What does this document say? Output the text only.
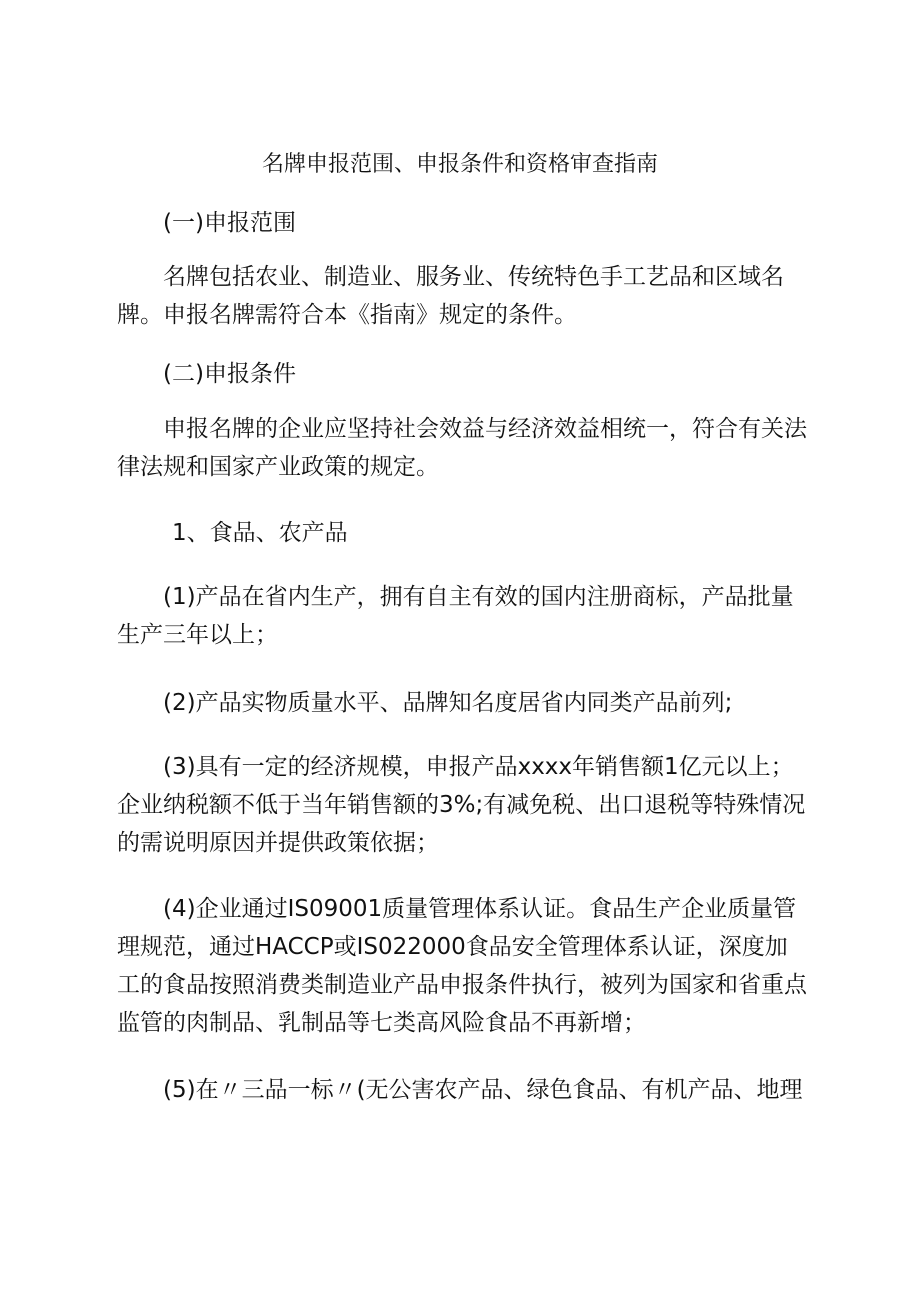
名牌申报范围、申报条件和资格审查指南
(一)申报范围
名牌包括农业、制造业、服务业、传统特色手工艺品和区域名牌。申报名牌需符合本《指南》规定的条件。
(二)申报条件
申报名牌的企业应坚持社会效益与经济效益相统一，符合有关法律法规和国家产业政策的规定。
1、食品、农产品
(1)产品在省内生产，拥有自主有效的国内注册商标，产品批量生产三年以上；
(2)产品实物质量水平、品牌知名度居省内同类产品前列;
(3)具有一定的经济规模，申报产品xxxx年销售额1亿元以上；企业纳税额不低于当年销售额的3%;有减免税、出口退税等特殊情况的需说明原因并提供政策依据；
(4)企业通过IS09001质量管理体系认证。食品生产企业质量管理规范，通过HACCP或IS022000食品安全管理体系认证，深度加工的食品按照消费类制造业产品申报条件执行，被列为国家和省重点监管的肉制品、乳制品等七类高风险食品不再新增；
(5)在〃三品一标〃(无公害农产品、绿色食品、有机产品、地理
